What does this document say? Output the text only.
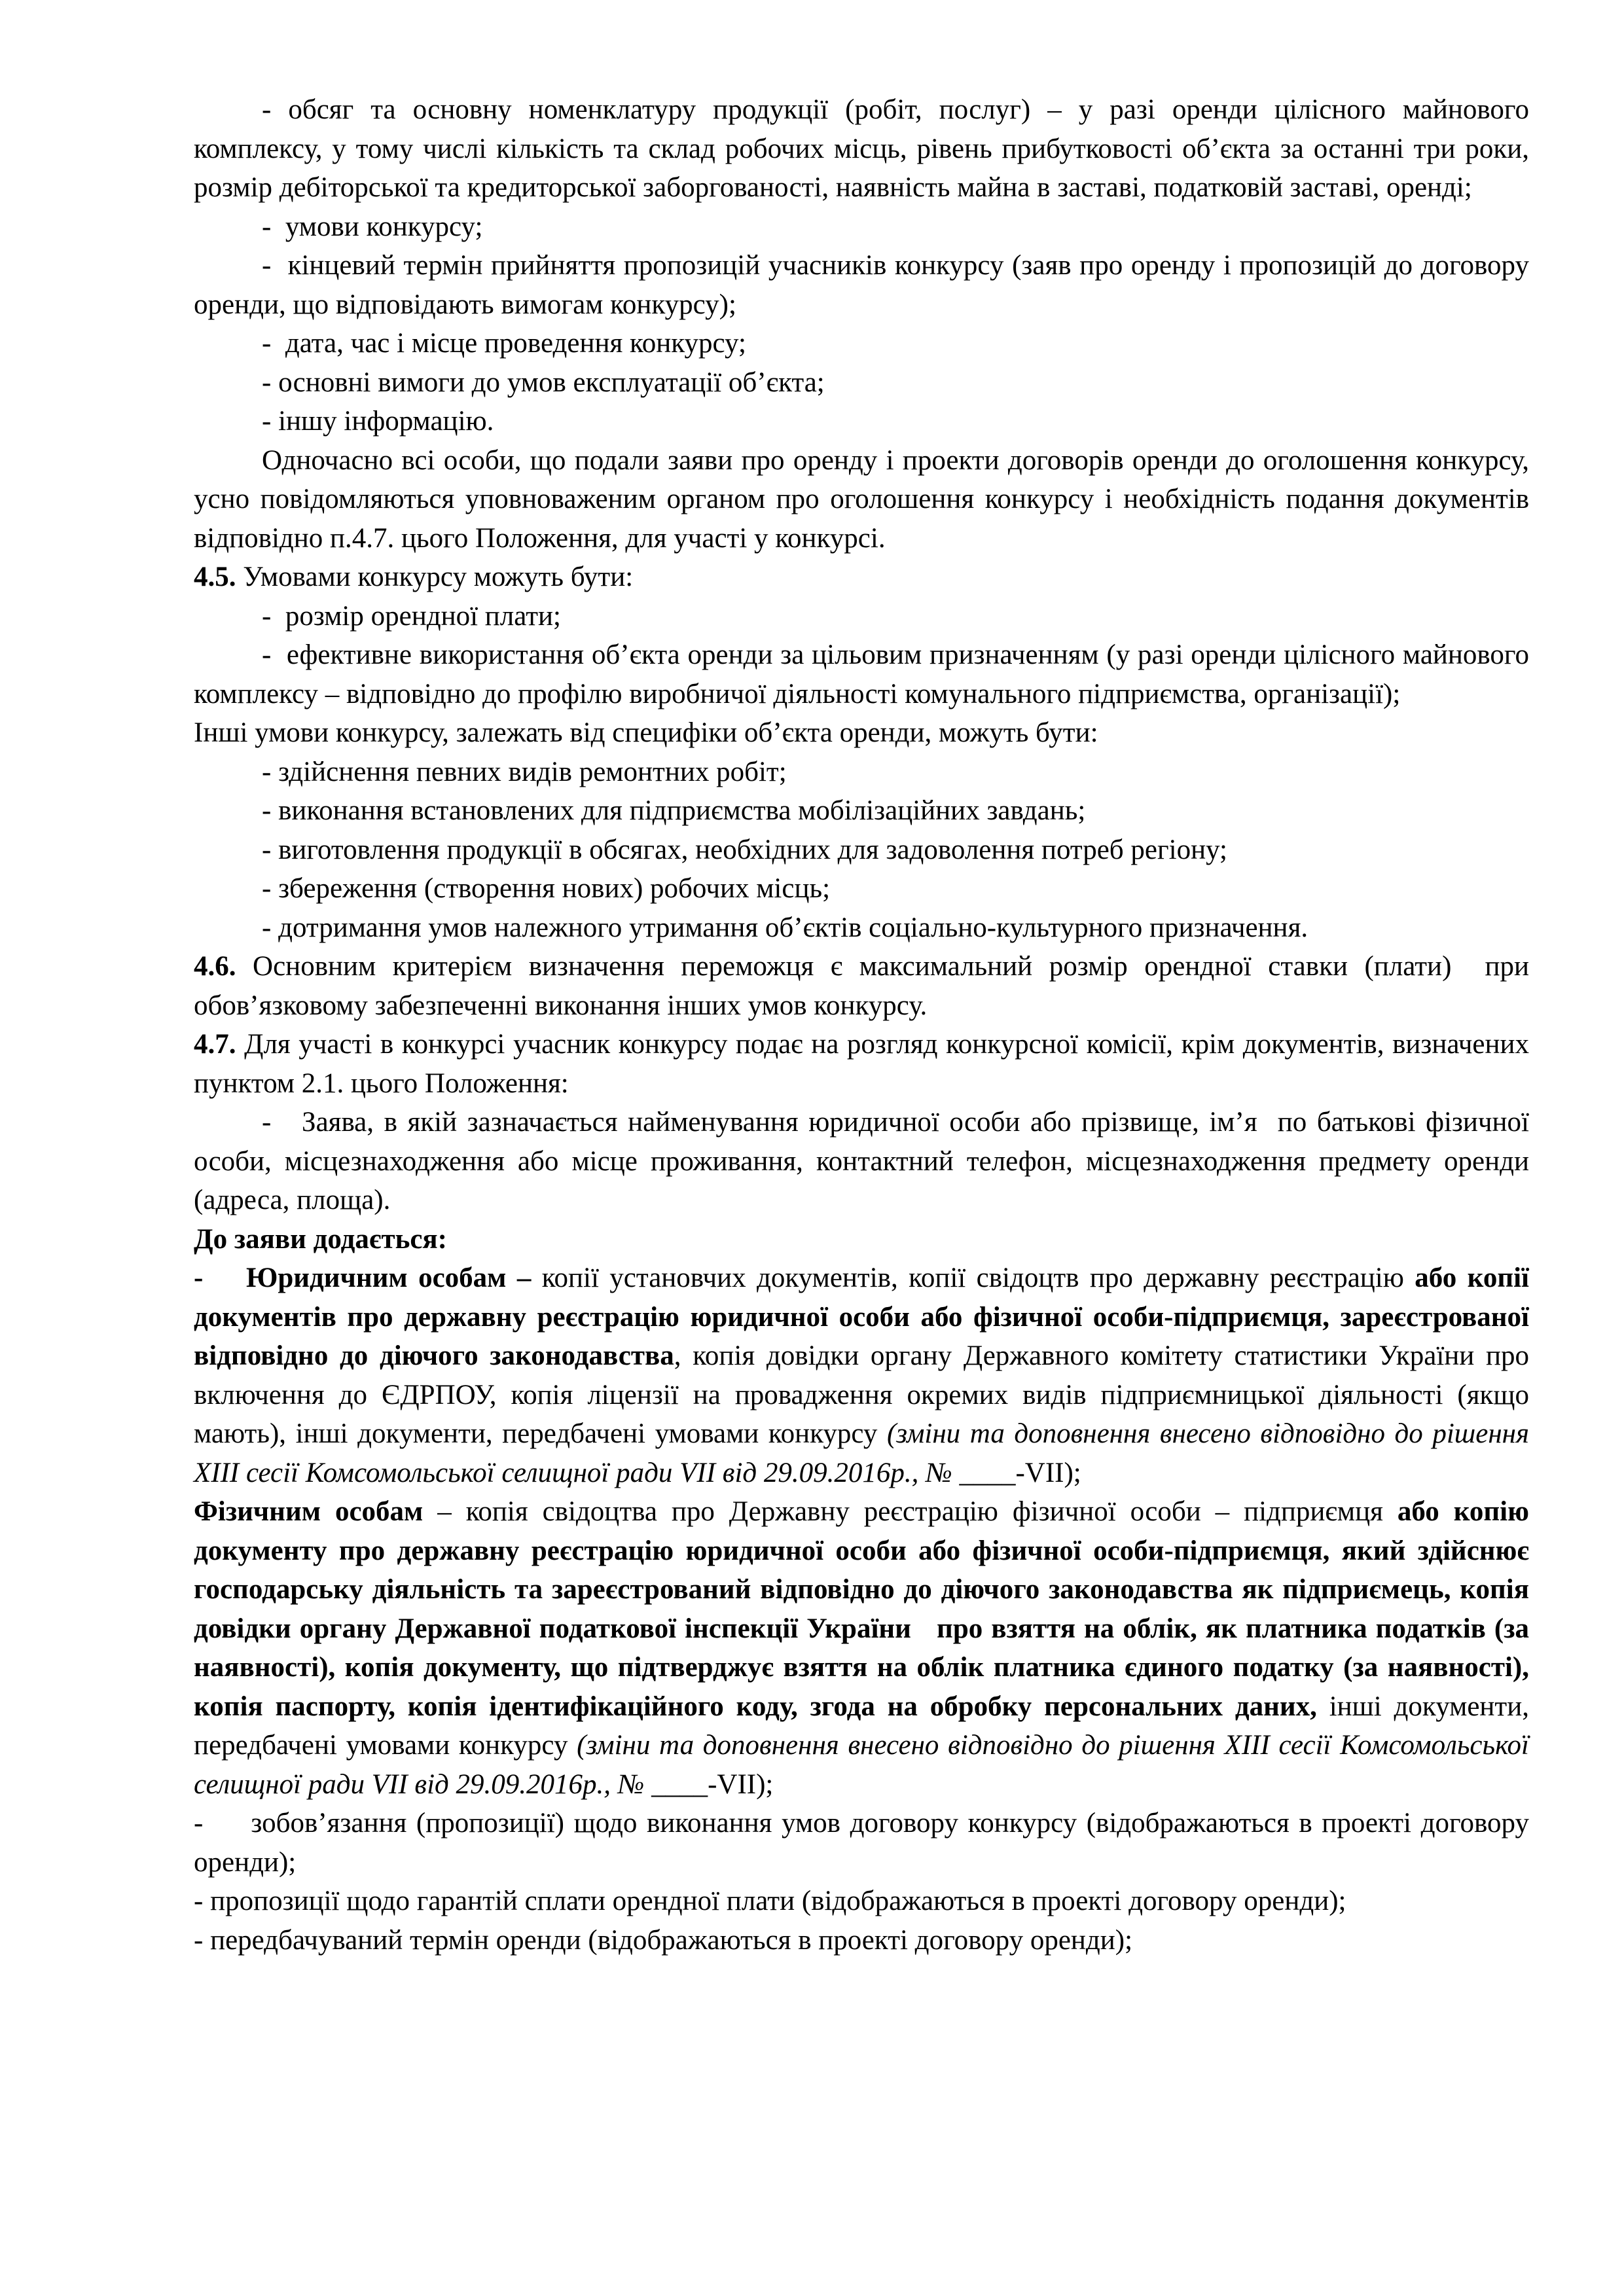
- обсяг та основну номенклатуру продукції (робіт, послуг) – у разі оренди цілісного майнового комплексу, у тому числі кількість та склад робочих місць, рівень прибутковості об’єкта за останні три роки, розмір дебіторської та кредиторської заборгованості, наявність майна в заставі, податковій заставі, оренді;

-  умови конкурсу;

-  кінцевий термін прийняття пропозицій учасників конкурсу (заяв про оренду і пропозицій до договору оренди, що відповідають вимогам конкурсу);

-  дата, час і місце проведення конкурсу;

- основні вимоги до умов експлуатації об’єкта;

- іншу інформацію.

Одночасно всі особи, що подали заяви про оренду і проекти договорів оренди до оголошення конкурсу, усно повідомляються уповноваженим органом про оголошення конкурсу і необхідність подання документів відповідно п.4.7. цього Положення, для участі у конкурсі.

4.5. Умовами конкурсу можуть бути:

-  розмір орендної плати;

-  ефективне використання об’єкта оренди за цільовим призначенням (у разі оренди цілісного майнового комплексу – відповідно до профілю виробничої діяльності комунального підприємства, організації);

Інші умови конкурсу, залежать від специфіки об’єкта оренди, можуть бути:

- здійснення певних видів ремонтних робіт;

- виконання встановлених для підприємства мобілізаційних завдань;

- виготовлення продукції в обсягах, необхідних для задоволення потреб регіону;

- збереження (створення нових) робочих місць;

- дотримання умов належного утримання об’єктів соціально-культурного призначення.

4.6. Основним критерієм визначення переможця є максимальний розмір орендної ставки (плати)  при обов’язковому забезпеченні виконання інших умов конкурсу.

4.7. Для участі в конкурсі учасник конкурсу подає на розгляд конкурсної комісії, крім документів, визначених пунктом 2.1. цього Положення:

-   Заява, в якій зазначається найменування юридичної особи або прізвище, ім’я  по батькові фізичної особи, місцезнаходження або місце проживання, контактний телефон, місцезнаходження предмету оренди (адреса, площа).

До заяви додається:

-    Юридичним особам – копії установчих документів, копії свідоцтв про державну реєстрацію або копії документів про державну реєстрацію юридичної особи або фізичної особи-підприємця, зареєстрованої відповідно до діючого законодавства, копія довідки органу Державного комітету статистики України про включення до ЄДРПОУ, копія ліцензії на провадження окремих видів підприємницької діяльності (якщо мають), інші документи, передбачені умовами конкурсу (зміни та доповнення внесено відповідно до рішення XIII сесії Комсомольської селищної ради VII від 29.09.2016р., № ____-VII);

Фізичним особам – копія свідоцтва про Державну реєстрацію фізичної особи – підприємця або копію документу про державну реєстрацію юридичної особи або фізичної особи-підприємця, який здійснює господарську діяльність та зареєстрований відповідно до діючого законодавства як підприємець, копія довідки органу Державної податкової інспекції України   про взяття на облік, як платника податків (за наявності), копія документу, що підтверджує взяття на облік платника єдиного податку (за наявності), копія паспорту, копія ідентифікаційного коду, згода на обробку персональних даних, інші документи, передбачені умовами конкурсу (зміни та доповнення внесено відповідно до рішення XIII сесії Комсомольської селищної ради VII від 29.09.2016р., № ____-VII);

-     зобов’язання (пропозиції) щодо виконання умов договору конкурсу (відображаються в проекті договору оренди);

- пропозиції щодо гарантій сплати орендної плати (відображаються в проекті договору оренди);

- передбачуваний термін оренди (відображаються в проекті договору оренди);
